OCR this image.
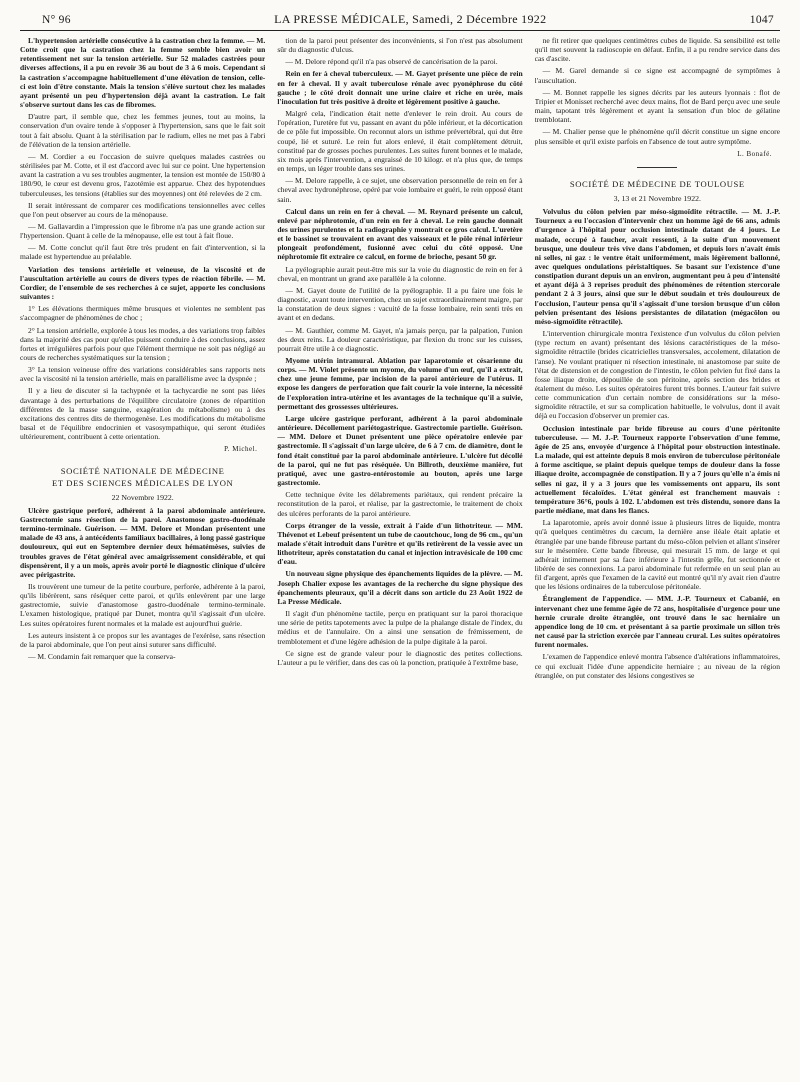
N° 96	LA PRESSE MÉDICALE, Samedi, 2 Décembre 1922	1047

L'hypertension artérielle consécutive à la castration chez la femme. — M. Cotte croit que la castration chez la femme semble bien avoir un retentissement net sur la tension artérielle. Sur 52 malades castrées pour diverses affections, il a pu en revoir 36 au bout de 3 à 6 mois. Cependant si la castration s'accompagne habituellement d'une élévation de tension, celle-ci est loin d'être constante. Mais la tension s'élève surtout chez les malades ayant présenté un peu d'hypertension déjà avant la castration. Le fait s'observe surtout dans les cas de fibromes.

D'autre part, il semble que, chez les femmes jeunes, tout au moins, la conservation d'un ovaire tende à s'opposer à l'hypertension, sans que le fait soit tout à fait absolu. Quant à la stérilisation par le radium, elles ne met pas à l'abri de l'élévation de la tension artérielle.

— M. Cordier a eu l'occasion de suivre quelques malades castrées ou stérilisées par M. Cotte, et il est d'accord avec lui sur ce point. Une hypertension avant la castration a vu ses troubles augmenter, la tension est montée de 150/80 à 180/90, le cœur est devenu gros, l'azotémie est apparue. Chez des hypotendues tuberculeuses, les tensions (établies sur des moyennes) ont été relevées de 2 cm.

Il serait intéressant de comparer ces modifications tensionnelles avec celles que l'on peut observer au cours de la ménopause.

— M. Gallavardin a l'impression que le fibrome n'a pas une grande action sur l'hypertension. Quant à celle de la ménopause, elle est tout à fait floue.

— M. Cotte conclut qu'il faut être très prudent en fait d'intervention, si la malade est hypertendue au préalable.

Variation des tensions artérielle et veineuse, de la viscosité et de l'auscultation artérielle au cours de divers types de réaction fébrile. — M. Cordier, de l'ensemble de ses recherches à ce sujet, apporte les conclusions suivantes :

1° Les élévations thermiques même brusques et violentes ne semblent pas s'accompagner de phénomènes de choc ;

2° La tension artérielle, explorée à tous les modes, a des variations trop faibles dans la majorité des cas pour qu'elles puissent conduire à des conclusions, assez fortes et irrégulières parfois pour que l'élément thermique ne soit pas négligé au cours de recherches systématiques sur la tension ;

3° La tension veineuse offre des variations considérables sans rapports nets avec la viscosité ni la tension artérielle, mais en parallélisme avec la dyspnée ;

Il y a lieu de discuter si la tachypnée et la tachycardie ne sont pas liées davantage à des perturbations de l'équilibre circulatoire (zones de répartition différentes de la masse sanguine, exagération du métabolisme) ou à des excitations des centres dits de thermogenèse. Les modifications du métabolisme basal et de l'équilibre endocrinien et vasosympathique, qui seront étudiées ultérieurement, contribuent à cette orientation.

P. Michel.
SOCIÉTÉ NATIONALE DE MÉDECINE
ET DES SCIENCES MÉDICALES DE LYON
22 Novembre 1922.

Ulcère gastrique perforé, adhérent à la paroi abdominale antérieure. Gastrectomie sans résection de la paroi. Anastomose gastro-duodénale termino-terminale. Guérison. — MM. Delore et Mondan présentent une malade de 43 ans, à antécédents familiaux bacillaires, à long passé gastrique douloureux, qui eut en Septembre dernier deux hématémèses, suivies de troubles graves de l'état général avec amaigrissement considérable, et qui dispensèrent, il y a un mois, après avoir porté le diagnostic clinique d'ulcère avec périgastrite.

Ils trouvèrent une tumeur de la petite courbure, perforée, adhérente à la paroi, qu'ils libérèrent, sans réséquer cette paroi, et qu'ils enlevèrent par une large gastrectomie, suivie d'anastomose gastro-duodénale termino-terminale. L'examen histologique, pratiqué par Dunet, montra qu'il s'agissait d'un ulcère. Les suites opératoires furent normales et la malade est aujourd'hui guérie.

Les auteurs insistent à ce propos sur les avantages de l'exérèse, sans résection de la paroi abdominale, que l'on peut ainsi suturer sans difficulté.

— M. Condamin fait remarquer que la conserva-

tion de la paroi peut présenter des inconvénients, si l'on n'est pas absolument sûr du diagnostic d'ulcus.

— M. Delore répond qu'il n'a pas observé de cancérisation de la paroi.

Rein en fer à cheval tuberculeux. — M. Gayet présente une pièce de rein en fer à cheval. Il y avait tuberculose rénale avec pyonéphrose du côté gauche ; le côté droit donnait une urine claire et riche en urée, mais l'inoculation fut très positive à droite et légèrement positive à gauche.

Malgré cela, l'indication était nette d'enlever le rein droit. Au cours de l'opération, l'uretère fut vu, passant en avant du pôle inférieur, et la décortication de ce pôle fut impossible. On reconnut alors un isthme prévertébral, qui dut être coupé, lié et suturé. Le rein fut alors enlevé, il était complètement détruit, constitué par de grosses poches purulentes. Les suites furent bonnes et le malade, six mois après l'intervention, a engraissé de 10 kilogr. et n'a plus que, de temps en temps, un léger trouble dans ses urines.

— M. Delore rappelle, à ce sujet, une observation personnelle de rein en fer à cheval avec hydronéphrose, opéré par voie lombaire et guéri, le rein opposé étant sain.

Calcul dans un rein en fer à cheval. — M. Reynard présente un calcul, enlevé par néphrotomie, d'un rein en fer à cheval. Le rein gauche donnait des urines purulentes et la radiographie y montrait ce gros calcul. L'uretère et le bassinet se trouvaient en avant des vaisseaux et le pôle rénal inférieur plongeait profondément, fusionné avec celui du côté opposé. Une néphrotomie fit extraire ce calcul, en forme de brioche, pesant 50 gr.

La pyélographie aurait peut-être mis sur la voie du diagnostic de rein en fer à cheval, en montrant un grand axe parallèle à la colonne.

— M. Gayet doute de l'utilité de la pyélographie. Il a pu faire une fois le diagnostic, avant toute intervention, chez un sujet extraordinairement maigre, par la constatation de deux signes : vacuité de la fosse lombaire, rein senti très en avant et en dedans.

— M. Gauthier, comme M. Gayet, n'a jamais perçu, par la palpation, l'union des deux reins. La douleur caractéristique, par flexion du tronc sur les cuisses, pourrait être utile à ce diagnostic.

Myome utérin intramural. Ablation par laparotomie et césarienne du corps. — M. Violet présente un myome, du volume d'un œuf, qu'il a extrait, chez une jeune femme, par incision de la paroi antérieure de l'utérus. Il expose les dangers de perforation que fait courir la voie interne, la nécessité de l'exploration intra-utérine et les avantages de la technique qu'il a suivie, permettant des grossesses ultérieures.

Large ulcère gastrique perforant, adhérent à la paroi abdominale antérieure. Décollement pariétogastrique. Gastrectomie partielle. Guérison. — MM. Delore et Dunet présentent une pièce opératoire enlevée par gastrectomie. Il s'agissait d'un large ulcère, de 6 à 7 cm. de diamètre, dont le fond était constitué par la paroi abdominale antérieure. L'ulcère fut décollé de la paroi, qui ne fut pas réséquée. Un Billroth, deuxième manière, fut pratiqué, avec une gastro-entérostomie au bouton, après une large gastrectomie.

Cette technique évite les délabrements pariétaux, qui rendent précaire la reconstitution de la paroi, et réalise, par la gastrectomie, le traitement de choix des ulcères perforants de la paroi antérieure.

Corps étranger de la vessie, extrait à l'aide d'un lithotriteur. — MM. Thévenot et Lebeuf présentent un tube de caoutchouc, long de 96 cm., qu'un malade s'était introduit dans l'urètre et qu'ils retirèrent de la vessie avec un lithotriteur, après constatation du canal et injection intravésicale de 100 cmc d'eau.

Un nouveau signe physique des épanchements liquides de la plèvre. — M. Joseph Chalier expose les avantages de la recherche du signe physique des épanchements pleuraux, qu'il a décrit dans son article du 23 Août 1922 de La Presse Médicale.

Il s'agit d'un phénomène tactile, perçu en pratiquant sur la paroi thoracique une série de petits tapotements avec la pulpe de la phalange distale de l'index, du médius et de l'annulaire. On a ainsi une sensation de frémissement, de tremblotement et d'une légère adhésion de la pulpe digitale à la paroi.

Ce signe est de grande valeur pour le diagnostic des petites collections. L'auteur a pu le vérifier, dans des cas où la ponction, pratiquée à l'extrême base,

ne fit retirer que quelques centimètres cubes de liquide. Sa sensibilité est telle qu'il met souvent la radioscopie en défaut. Enfin, il a pu rendre service dans des cas d'ascite.

— M. Garel demande si ce signe est accompagné de symptômes à l'auscultation.

— M. Bonnet rappelle les signes décrits par les auteurs lyonnais : flot de Tripier et Monisset recherché avec deux mains, flot de Bard perçu avec une seule main, tapotant très légèrement et ayant la sensation d'un bloc de gélatine tremblotant.

— M. Chalier pense que le phénomène qu'il décrit constitue un signe encore plus sensible et qu'il existe parfois en l'absence de tout autre symptôme.

L. Bonafé.
SOCIÉTÉ DE MÉDECINE DE TOULOUSE
3, 13 et 21 Novembre 1922.

Volvulus du côlon pelvien par méso-sigmoïdite rétractile. — M. J.-P. Tourneux a eu l'occasion d'intervenir chez un homme âgé de 66 ans, admis d'urgence à l'hôpital pour occlusion intestinale datant de 4 jours. Le malade, occupé à faucher, avait ressenti, à la suite d'un mouvement brusque, une douleur très vive dans l'abdomen, et depuis lors n'avait émis ni selles, ni gaz : le ventre était uniformément, mais légèrement ballonné, avec quelques ondulations péristaltiques. Se basant sur l'existence d'une constipation durant depuis un an environ, augmentant peu à peu d'intensité et ayant déjà à 3 reprises produit des phénomènes de rétention stercorale pendant 2 à 3 jours, ainsi que sur le début soudain et très douloureux de l'occlusion, l'auteur pensa qu'il s'agissait d'une torsion brusque d'un côlon pelvien présentant des lésions persistantes de dilatation (mégacôlon ou méso-sigmoïdite rétractile).

L'intervention chirurgicale montra l'existence d'un volvulus du côlon pelvien (type rectum en avant) présentant des lésions caractéristiques de la méso-sigmoïdite rétractile (brides cicatricielles transversales, accolement, dilatation de l'anse). Ne voulant pratiquer ni résection intestinale, ni anastomose par suite de l'état de distension et de congestion de l'intestin, le côlon pelvien fut fixé dans la fosse iliaque droite, dépouillée de son péritoine, après section des brides et étalement du méso. Les suites opératoires furent très bonnes. L'auteur fait suivre cette communication d'un certain nombre de considérations sur la méso-sigmoïdite rétractile, et sur sa complication habituelle, le volvulus, dont il avait déjà eu l'occasion d'observer un premier cas.

Occlusion intestinale par bride fibreuse au cours d'une péritonite tuberculeuse. — M. J.-P. Tourneux rapporte l'observation d'une femme, âgée de 25 ans, envoyée d'urgence à l'hôpital pour obstruction intestinale. La malade, qui est atteinte depuis 8 mois environ de tuberculose péritonéale à forme ascitique, se plaint depuis quelque temps de douleur dans la fosse iliaque droite, accompagnée de constipation. Il y a 7 jours qu'elle n'a émis ni selles ni gaz, il y a 3 jours que les vomissements ont apparu, ils sont actuellement fécaloïdes. L'état général est franchement mauvais : température 36°6, pouls à 102. L'abdomen est très distendu, sonore dans la partie médiane, mat dans les flancs.

La laparotomie, après avoir donné issue à plusieurs litres de liquide, montra qu'à quelques centimètres du cæcum, la dernière anse iléale était aplatie et étranglée par une bande fibreuse partant du méso-côlon pelvien et allant s'insérer sur le mésentère. Cette bande fibreuse, qui mesurait 15 mm. de large et qui adhérait intimement par sa face inférieure à l'intestin grêle, fut sectionnée et libérée de ses connexions. La paroi abdominale fut refermée en un seul plan au fil d'argent, après que l'examen de la cavité eut montré qu'il n'y avait rien d'autre que les lésions ordinaires de la tuberculose péritonéale.

Étranglement de l'appendice. — MM. J.-P. Tourneux et Cabanié, en intervenant chez une femme âgée de 72 ans, hospitalisée d'urgence pour une hernie crurale droite étranglée, ont trouvé dans le sac herniaire un appendice long de 10 cm. et présentant à sa partie proximale un sillon très net causé par la striction exercée par l'anneau crural. Les suites opératoires furent normales.

L'examen de l'appendice enlevé montra l'absence d'altérations inflammatoires, ce qui excluait l'idée d'une appendicite herniaire ; au niveau de la région étranglée, on put constater des lésions congestives se
